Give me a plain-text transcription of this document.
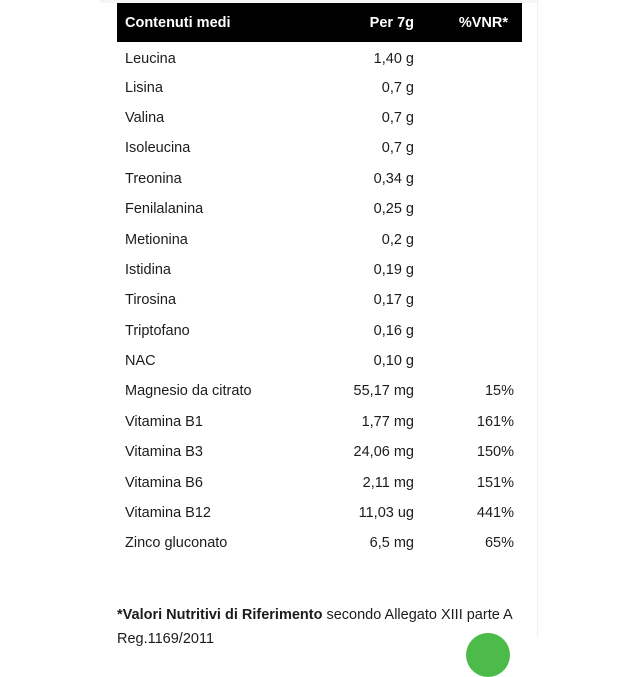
Contenuti medi	Per 7g	%VNR*
Leucina	1,40 g	
Lisina	0,7 g	
Valina	0,7 g	
Isoleucina	0,7 g	
Treonina	0,34 g	
Fenilalanina	0,25 g	
Metionina	0,2 g	
Istidina	0,19 g	
Tirosina	0,17 g	
Triptofano	0,16 g	
NAC	0,10 g	
Magnesio da citrato	55,17 mg	15%
Vitamina B1	1,77 mg	161%
Vitamina B3	24,06 mg	150%
Vitamina B6	2,11 mg	151%
Vitamina B12	11,03 ug	441%
Zinco gluconato	6,5 mg	65%

*Valori Nutritivi di Riferimento secondo Allegato XIII parte A Reg.1169/2011
